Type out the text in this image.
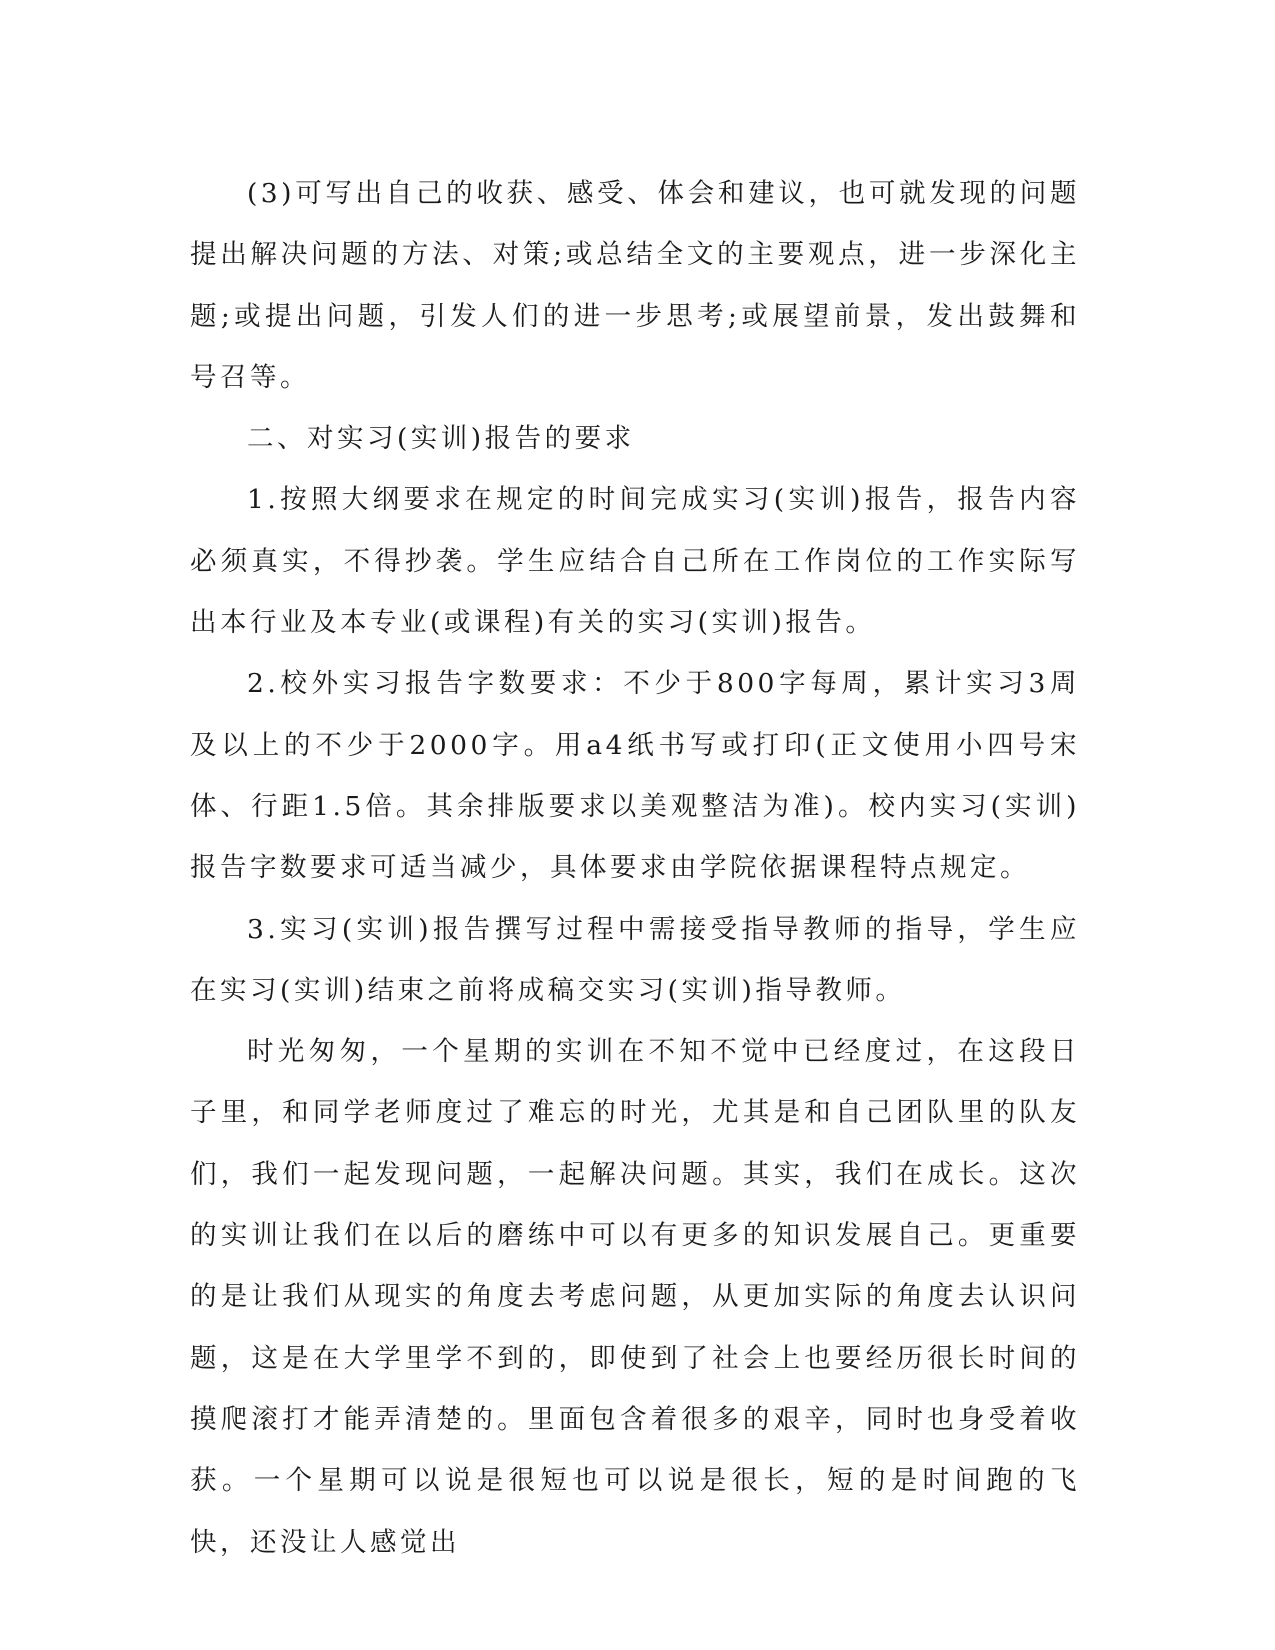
(3)可写出自己的收获、感受、体会和建议，也可就发现的问题提出解决问题的方法、对策;或总结全文的主要观点，进一步深化主题;或提出问题，引发人们的进一步思考;或展望前景，发出鼓舞和号召等。

二、对实习(实训)报告的要求

1.按照大纲要求在规定的时间完成实习(实训)报告，报告内容必须真实，不得抄袭。学生应结合自己所在工作岗位的工作实际写出本行业及本专业(或课程)有关的实习(实训)报告。

2.校外实习报告字数要求：不少于800字每周，累计实习3周及以上的不少于2000字。用a4纸书写或打印(正文使用小四号宋体、行距1.5倍。其余排版要求以美观整洁为准)。校内实习(实训)报告字数要求可适当减少，具体要求由学院依据课程特点规定。

3.实习(实训)报告撰写过程中需接受指导教师的指导，学生应在实习(实训)结束之前将成稿交实习(实训)指导教师。

时光匆匆，一个星期的实训在不知不觉中已经度过，在这段日子里，和同学老师度过了难忘的时光，尤其是和自己团队里的队友们，我们一起发现问题，一起解决问题。其实，我们在成长。这次的实训让我们在以后的磨练中可以有更多的知识发展自己。更重要的是让我们从现实的角度去考虑问题，从更加实际的角度去认识问题，这是在大学里学不到的，即使到了社会上也要经历很长时间的摸爬滚打才能弄清楚的。里面包含着很多的艰辛，同时也身受着收获。一个星期可以说是很短也可以说是很长，短的是时间跑的飞快，还没让人感觉出
